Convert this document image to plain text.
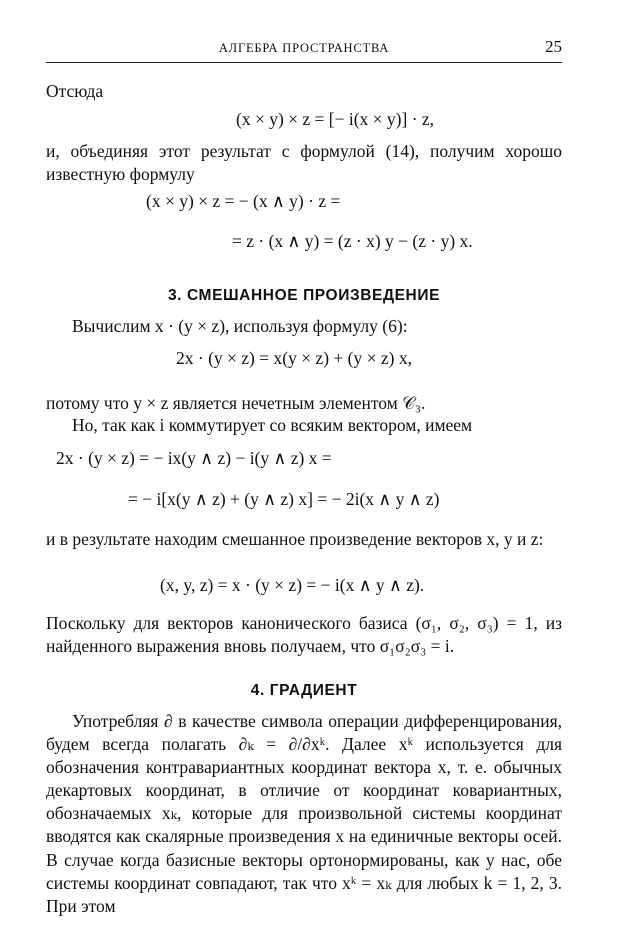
АЛГЕБРА ПРОСТРАНСТВА	25
Отсюда
(x × y) × z = [− i(x × y)] · z,
и, объединяя этот результат с формулой (14), получим хорошо известную формулу
(x × y) × z = − (x ∧ y) · z =
= z · (x ∧ y) = (z · x) y − (z · y) x.
3. СМЕШАННОЕ ПРОИЗВЕДЕНИЕ
Вычислим x · (y × z), используя формулу (6):
2x · (y × z) = x(y × z) + (y × z) x,
потому что y × z является нечетным элементом 𝒞₃.
Но, так как i коммутирует со всяким вектором, имеем
2x · (y × z) = − ix(y ∧ z) − i(y ∧ z) x =
= − i[x(y ∧ z) + (y ∧ z) x] = − 2i(x ∧ y ∧ z)
и в результате находим смешанное произведение векторов x, y и z:
(x, y, z) = x · (y × z) = − i(x ∧ y ∧ z).
Поскольку для векторов канонического базиса (σ₁, σ₂, σ₃) = 1, из найденного выражения вновь получаем, что σ₁σ₂σ₃ = i.
4. ГРАДИЕНТ
Употребляя ∂ в качестве символа операции дифференцирования, будем всегда полагать ∂ₖ = ∂/∂xᵏ. Далее xᵏ используется для обозначения контравариантных координат вектора x, т. е. обычных декартовых координат, в отличие от координат ковариантных, обозначаемых xₖ, которые для произвольной системы координат вводятся как скалярные произведения x на единичные векторы осей. В случае когда базисные векторы ортонормированы, как у нас, обе системы координат совпадают, так что xᵏ = xₖ для любых k = 1, 2, 3. При этом
